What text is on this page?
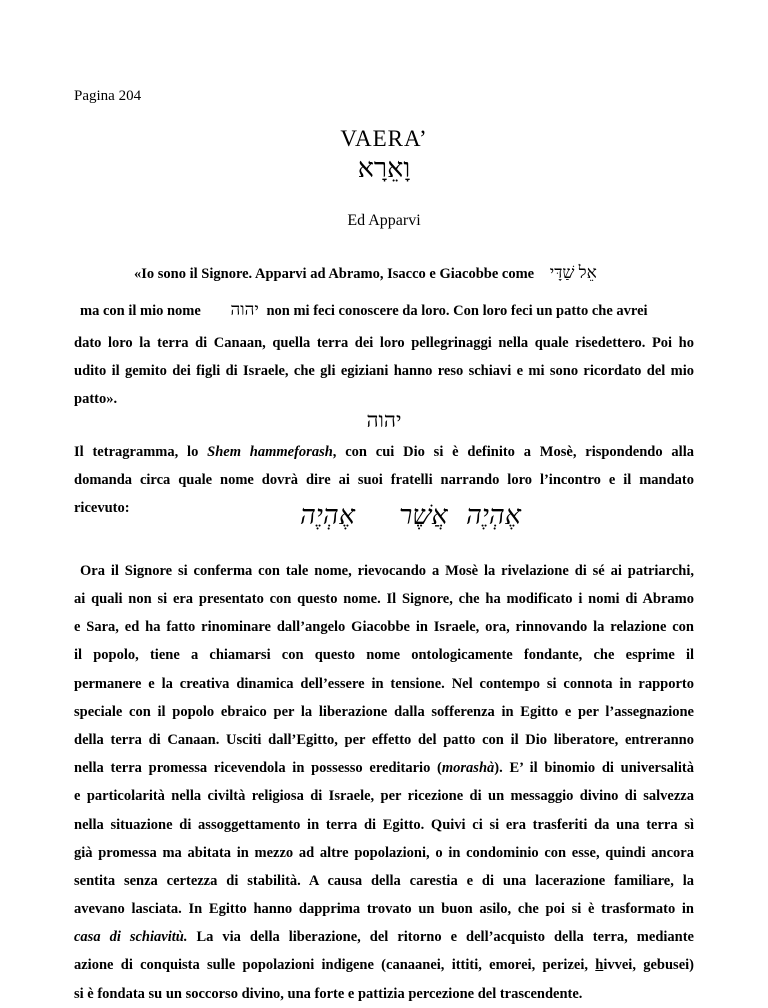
Pagina 204
VAERA’
וָאֵרָא
Ed Apparvi
«Io sono il Signore. Apparvi ad Abramo, Isacco e Giacobbe come אֵל שַׁדָּי
ma con il mio nome יהוה non mi feci conoscere da loro. Con loro feci un patto che avrei
dato loro la terra di Canaan, quella terra dei loro pellegrinaggi nella quale risedettero. Poi ho
udito il gemito dei figli di Israele, che gli egiziani hanno reso schiavi e mi sono ricordato del mio
patto».
יהוה
Il tetragramma, lo Shem hammeforash, con cui Dio si è definito a Mosè, rispondendo alla
domanda circa quale nome dovrà dire ai suoi fratelli narrando loro l’incontro e il mandato
ricevuto:	אֶהְיֶה
אֲשֶׁר
אֶהְיֶה
Ora il Signore si conferma con tale nome, rievocando a Mosè la rivelazione di sé ai patriarchi,
ai quali non si era presentato con questo nome. Il Signore, che ha modificato i nomi di Abramo
e Sara, ed ha fatto rinominare dall’angelo Giacobbe in Israele, ora, rinnovando la relazione con
il popolo, tiene a chiamarsi con questo nome ontologicamente fondante, che esprime il
permanere e la creativa dinamica dell’essere in tensione. Nel contempo si connota in rapporto
speciale con il popolo ebraico per la liberazione dalla sofferenza in Egitto e per l’assegnazione
della terra di Canaan. Usciti dall’Egitto, per effetto del patto con il Dio liberatore, entreranno
nella terra promessa ricevendola in possesso ereditario (morashà). E’ il binomio di universalità
e particolarità nella civiltà religiosa di Israele, per ricezione di un messaggio divino di salvezza
nella situazione di assoggettamento in terra di Egitto. Quivi ci si era trasferiti da una terra sì
già promessa ma abitata in mezzo ad altre popolazioni, o in condominio con esse, quindi ancora
sentita senza certezza di stabilità. A causa della carestia e di una lacerazione familiare, la
avevano lasciata. In Egitto hanno dapprima trovato un buon asilo, che poi si è trasformato in
casa di schiavitù. La via della liberazione, del ritorno e dell’acquisto della terra, mediante
azione di conquista sulle popolazioni indigene (canaanei, ittiti, emorei, perizei, hivvei, gebusei)
si è fondata su un soccorso divino, una forte e pattizia percezione del trascendente.
